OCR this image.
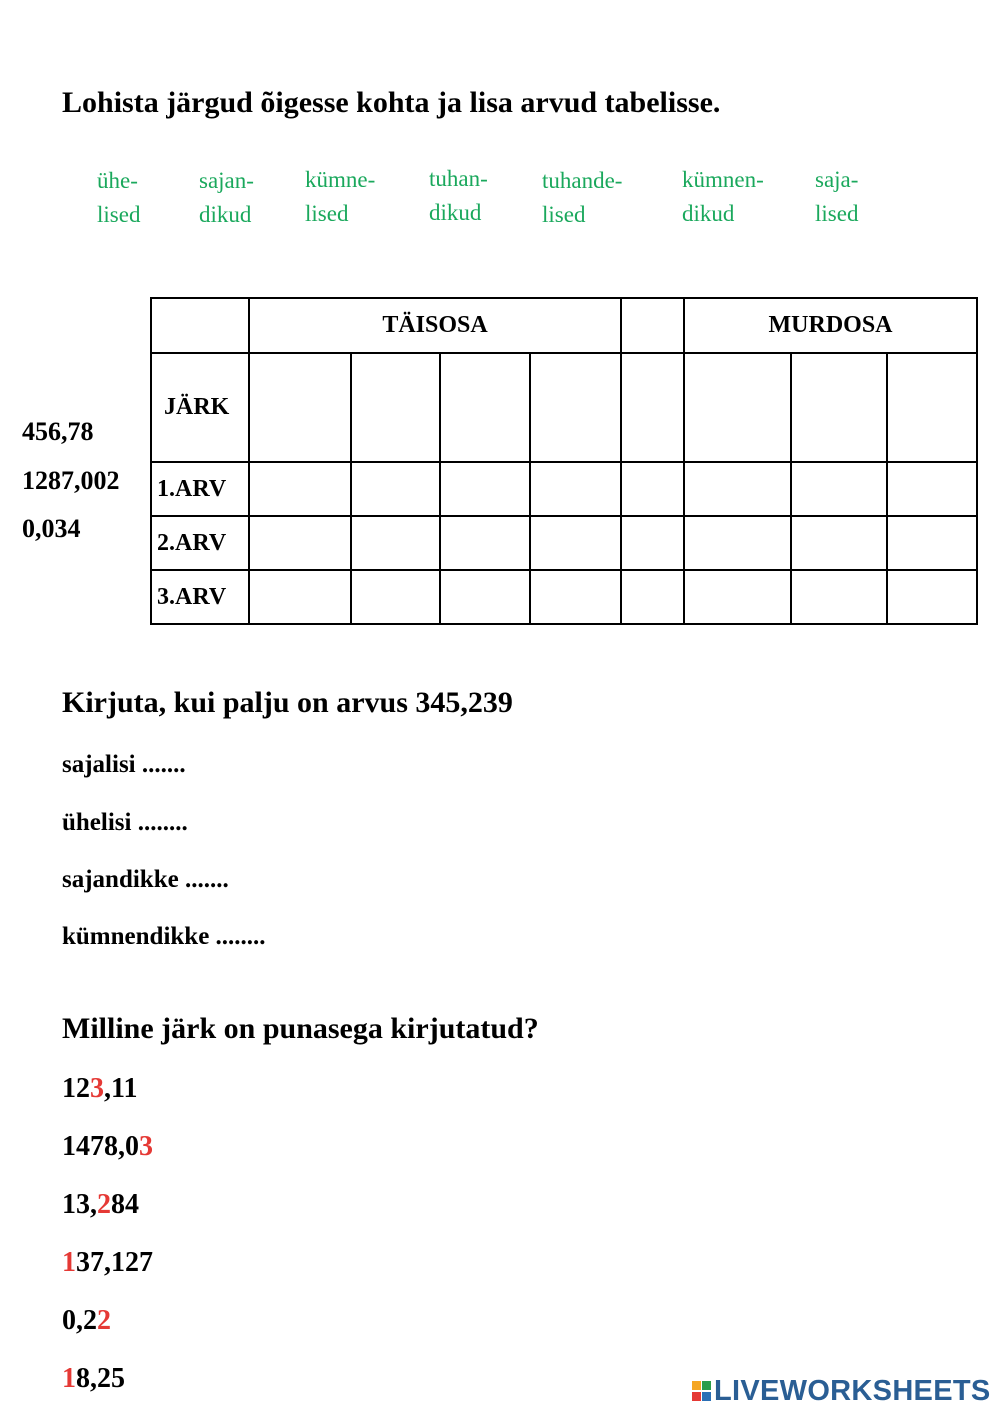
Lohista järgud õigesse kohta ja lisa arvud tabelisse.
ühe-
lised
sajan-
dikud
kümne-
lised
tuhan-
dikud
tuhande-
lised
kümnen-
dikud
saja-
lised
456,78
1287,002
0,034
	TÄISOSA					MURDOSA		
JÄRK								
1.ARV								
2.ARV								
3.ARV								
Kirjuta, kui palju on arvus 345,239
sajalisi .......
ühelisi ........
sajandikke .......
kümnendikke ........
Milline järk on punasega kirjutatud?
123,11
1478,03
13,284
137,127
0,22
18,25	LIVEWORKSHEETS
